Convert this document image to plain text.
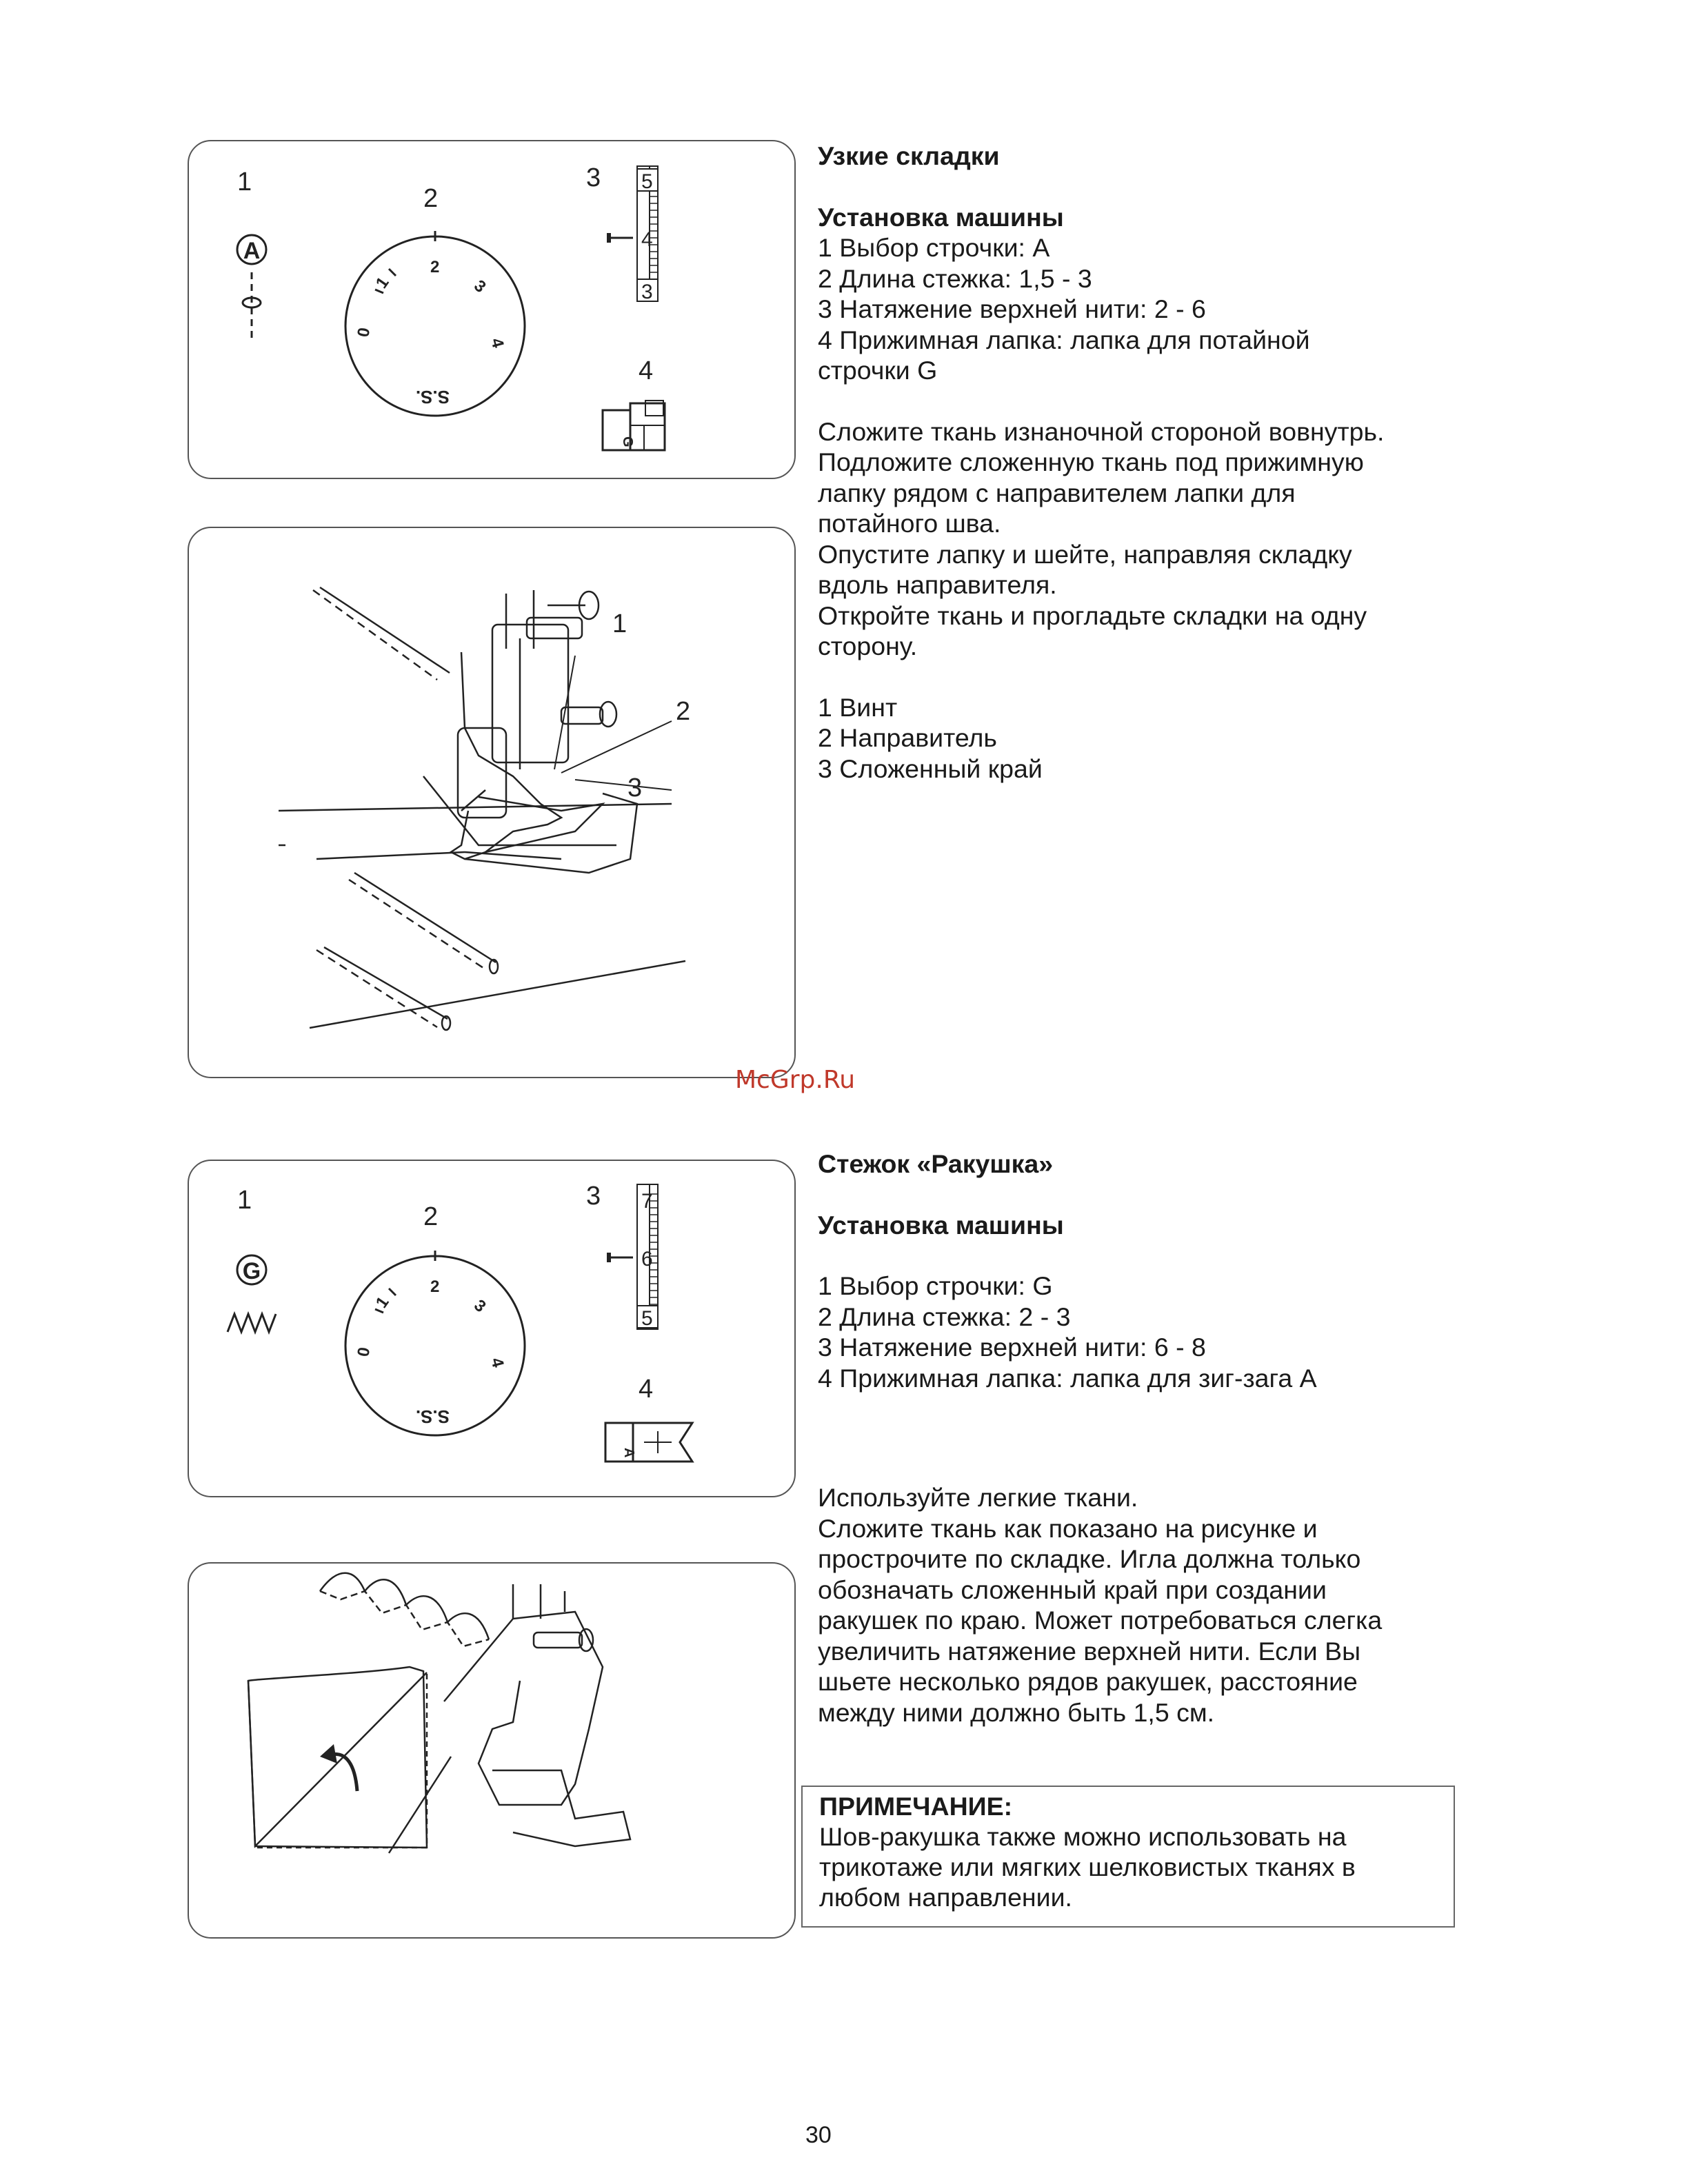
1
2
3
4
A
0
1
2
3
4
S.S.
5
4
3
G
1
2
3

Узкие складки

Установка машины

1 Выбор строчки: А

2 Длина стежка: 1,5 - 3

3 Натяжение верхней нити: 2 - 6

4 Прижимная лапка: лапка для потайной

строчки G

Сложите ткань изнаночной стороной вовнутрь.

Подложите сложенную ткань под прижимную

лапку рядом с направителем лапки для

потайного шва.

Опустите лапку и шейте, направляя складку

вдоль направителя.

Откройте ткань и прогладьте складки на одну

сторону.

1 Винт

2 Направитель

3 Сложенный край

McGrp.Ru
1
2
3
4
G
0
1
2
3
4
S.S.
7
6
5
A

Стежок «Ракушка»

Установка машины

1 Выбор строчки: G

2 Длина стежка: 2 - 3

3 Натяжение верхней нити: 6 - 8

4 Прижимная лапка: лапка для зиг-зага А

Используйте легкие ткани.

Сложите ткань как показано на рисунке и

прострочите по складке. Игла должна только

обозначать сложенный край при создании

ракушек по краю. Может потребоваться слегка

увеличить натяжение верхней нити. Если Вы

шьете несколько рядов ракушек, расстояние

между ними должно быть 1,5 см.

ПРИМЕЧАНИЕ:

Шов-ракушка также можно использовать на

трикотаже или мягких шелковистых тканях в

любом направлении.

30
